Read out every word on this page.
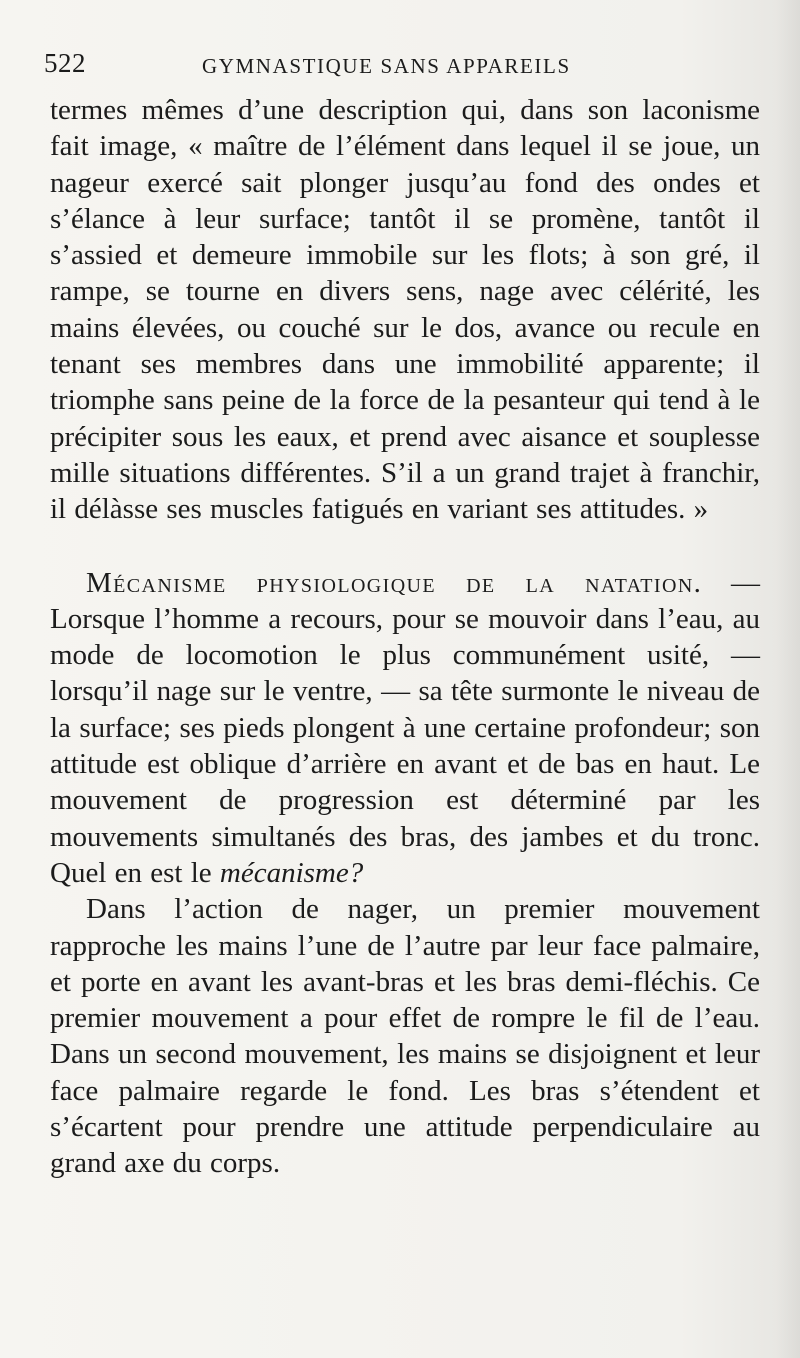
522	GYMNASTIQUE SANS APPAREILS

termes mêmes d’une description qui, dans son laconisme fait image, « maître de l’élément dans lequel il se joue, un nageur exercé sait plonger jusqu’au fond des ondes et s’élance à leur surface; tantôt il se promène, tantôt il s’assied et demeure immobile sur les flots; à son gré, il rampe, se tourne en divers sens, nage avec célérité, les mains élevées, ou couché sur le dos, avance ou recule en tenant ses membres dans une immobilité apparente; il triomphe sans peine de la force de la pesanteur qui tend à le précipiter sous les eaux, et prend avec aisance et souplesse mille situations différentes. S’il a un grand trajet à franchir, il délàsse ses muscles fatigués en variant ses attitudes. »

Mécanisme physiologique de la natation. — Lorsque l’homme a recours, pour se mouvoir dans l’eau, au mode de locomotion le plus communément usité, — lorsqu’il nage sur le ventre, — sa tête surmonte le niveau de la surface; ses pieds plongent à une certaine profondeur; son attitude est oblique d’arrière en avant et de bas en haut. Le mouvement de progression est déterminé par les mouvements simultanés des bras, des jambes et du tronc. Quel en est le mécanisme?

Dans l’action de nager, un premier mouvement rapproche les mains l’une de l’autre par leur face palmaire, et porte en avant les avant-bras et les bras demi-fléchis. Ce premier mouvement a pour effet de rompre le fil de l’eau. Dans un second mouvement, les mains se disjoignent et leur face palmaire regarde le fond. Les bras s’étendent et s’écartent pour prendre une attitude perpendiculaire au grand axe du corps.
